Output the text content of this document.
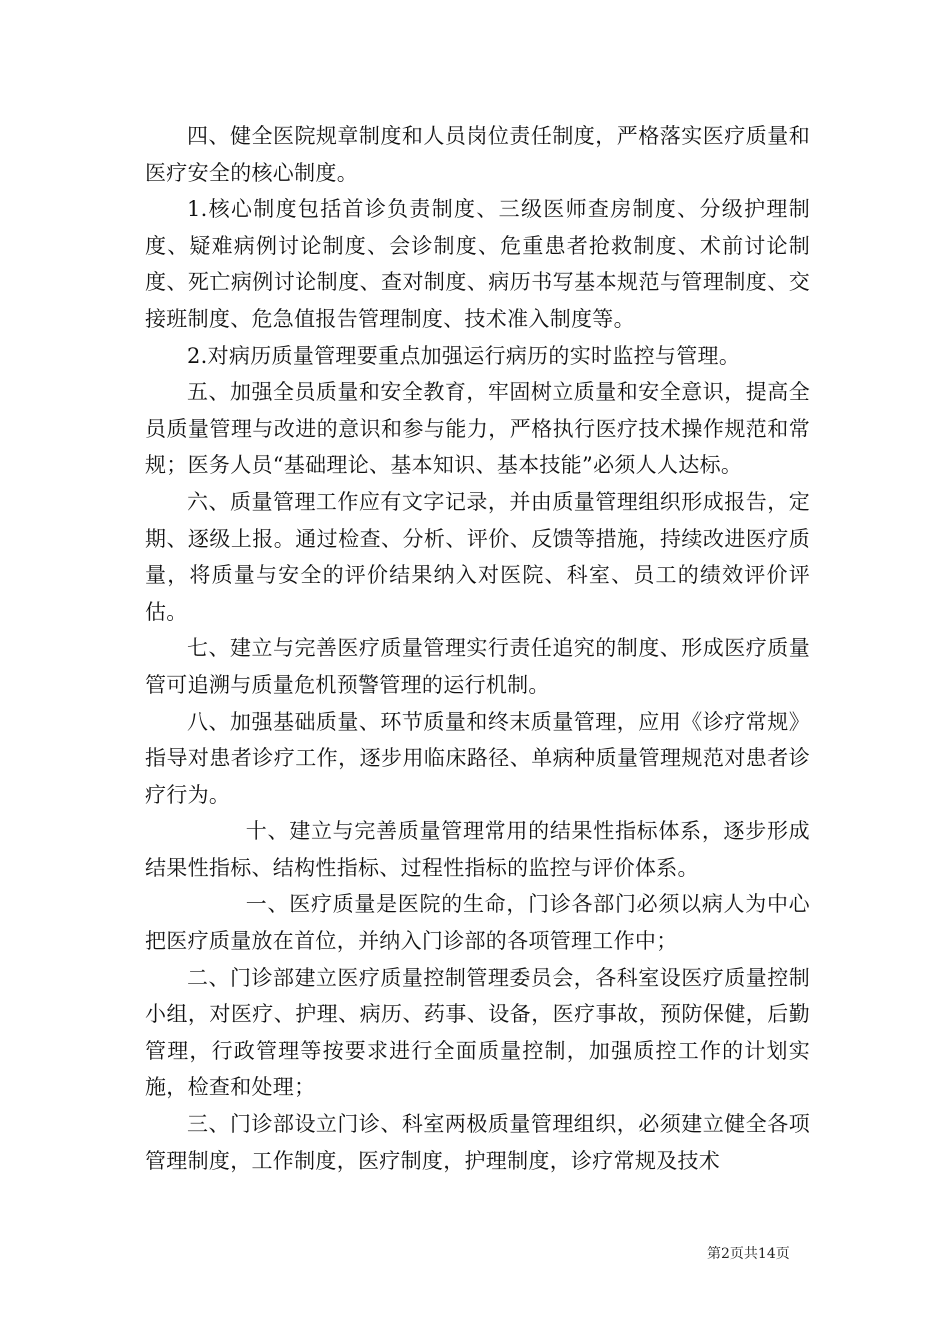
四、健全医院规章制度和人员岗位责任制度，严格落实医疗质量和医疗安全的核心制度。

1.核心制度包括首诊负责制度、三级医师查房制度、分级护理制度、疑难病例讨论制度、会诊制度、危重患者抢救制度、术前讨论制度、死亡病例讨论制度、查对制度、病历书写基本规范与管理制度、交接班制度、危急值报告管理制度、技术准入制度等。

2.对病历质量管理要重点加强运行病历的实时监控与管理。

五、加强全员质量和安全教育，牢固树立质量和安全意识，提高全员质量管理与改进的意识和参与能力，严格执行医疗技术操作规范和常规；医务人员“基础理论、基本知识、基本技能”必须人人达标。

六、质量管理工作应有文字记录，并由质量管理组织形成报告，定期、逐级上报。通过检查、分析、评价、反馈等措施，持续改进医疗质量，将质量与安全的评价结果纳入对医院、科室、员工的绩效评价评估。

七、建立与完善医疗质量管理实行责任追究的制度、形成医疗质量管可追溯与质量危机预警管理的运行机制。

八、加强基础质量、环节质量和终末质量管理，应用《诊疗常规》指导对患者诊疗工作，逐步用临床路径、单病种质量管理规范对患者诊疗行为。

十、建立与完善质量管理常用的结果性指标体系，逐步形成结果性指标、结构性指标、过程性指标的监控与评价体系。

一、医疗质量是医院的生命，门诊各部门必须以病人为中心把医疗质量放在首位，并纳入门诊部的各项管理工作中；

二、门诊部建立医疗质量控制管理委员会，各科室设医疗质量控制小组，对医疗、护理、病历、药事、设备，医疗事故，预防保健，后勤管理，行政管理等按要求进行全面质量控制，加强质控工作的计划实施，检查和处理；

三、门诊部设立门诊、科室两极质量管理组织，必须建立健全各项管理制度，工作制度，医疗制度，护理制度，诊疗常规及技术

第2页共14页
